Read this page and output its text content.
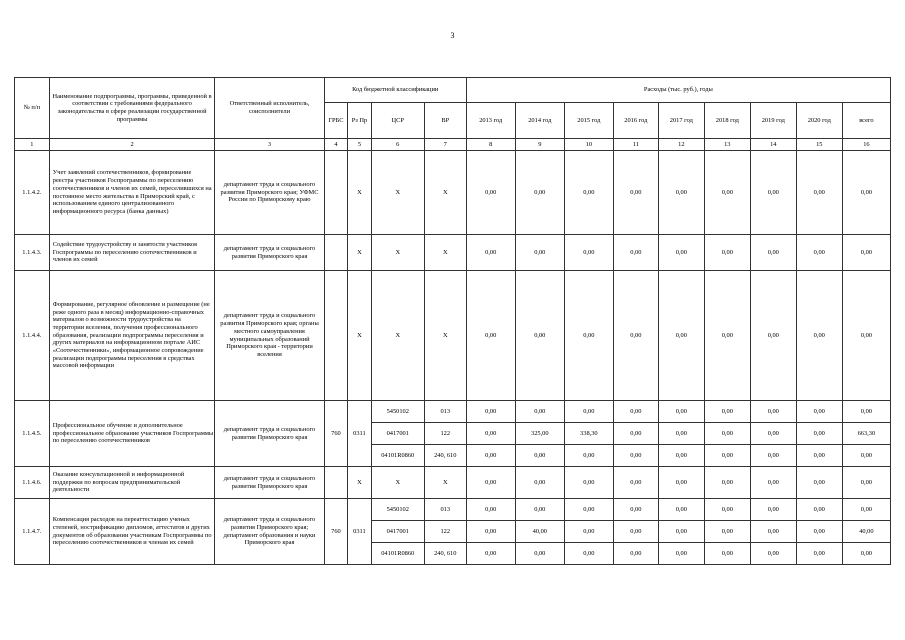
3
№ п/п	Наименование подпрограммы, программы, приведенной в соответствии с требованиями федерального законодательства в сфере реализации государственной программы	Ответственный исполнитель, соисполнители	Код бюджетной классификации				Расходы (тыс. руб.), годы								
			ГРБС	Рз Пр	ЦСР	ВР	2013 год	2014 год	2015 год	2016 год	2017 год	2018 год	2019 год	2020 год	всего
1	2	3	4	5	6	7	8	9	10	11	12	13	14	15	16
1.1.4.2.	Учет заявлений соотечественников, формирование реестра участников Госпрограммы по переселению соотечественников и членов их семей, переселившихся на постоянное место жительства в Приморский край, с использованием единого централизованного информационного ресурса (банка данных)	департамент труда и социального развития Приморского края; УФМС России по Приморскому краю		X	X	X	0,00	0,00	0,00	0,00	0,00	0,00	0,00	0,00	0,00
1.1.4.3.	Содействие трудоустройству и занятости участников Госпрограммы по переселению соотечественников и членов их семей	департамент труда и социального развития Приморского края		X	X	X	0,00	0,00	0,00	0,00	0,00	0,00	0,00	0,00	0,00
1.1.4.4.	Формирование, регулярное обновление и размещение (не реже одного раза в месяц) информационно-справочных материалов о возможности трудоустройства на территории вселения, получения профессионального образования, реализации подпрограммы переселения и других материалов на информационном портале АИС «Соотечественники», информационное сопровождение реализации подпрограммы переселения в средствах массовой информации	департамент труда и социального развития Приморского края; органы местного самоуправления муниципальных образований Приморского края - территории вселения		X	X	X	0,00	0,00	0,00	0,00	0,00	0,00	0,00	0,00	0,00
1.1.4.5.	Профессиональное обучение и дополнительное профессиональное образование участников Госпрограммы по переселению соотечественников	департамент труда и социального развития Приморского края	760	0311	5450102	013	0,00	0,00	0,00	0,00	0,00	0,00	0,00	0,00	0,00
					0417001	122	0,00	325,00	338,30	0,00	0,00	0,00	0,00	0,00	663,30
					04101R0860	240, 610	0,00	0,00	0,00	0,00	0,00	0,00	0,00	0,00	0,00
1.1.4.6.	Оказание консультационной и информационной поддержки по вопросам предпринимательской деятельности	департамент труда и социального развития Приморского края		X	X	X	0,00	0,00	0,00	0,00	0,00	0,00	0,00	0,00	0,00
1.1.4.7.	Компенсация расходов на переаттестацию ученых степеней, нострификацию дипломов, аттестатов и других документов об образовании участникам Госпрограммы по переселению соотечественников и членам их семей	департамент труда и социального развития Приморского края; департамент образования и науки Приморского края	760	0311	5450102	013	0,00	0,00	0,00	0,00	0,00	0,00	0,00	0,00	0,00
					0417001	122	0,00	40,00	0,00	0,00	0,00	0,00	0,00	0,00	40,00
					04101R0860	240, 610	0,00	0,00	0,00	0,00	0,00	0,00	0,00	0,00	0,00
